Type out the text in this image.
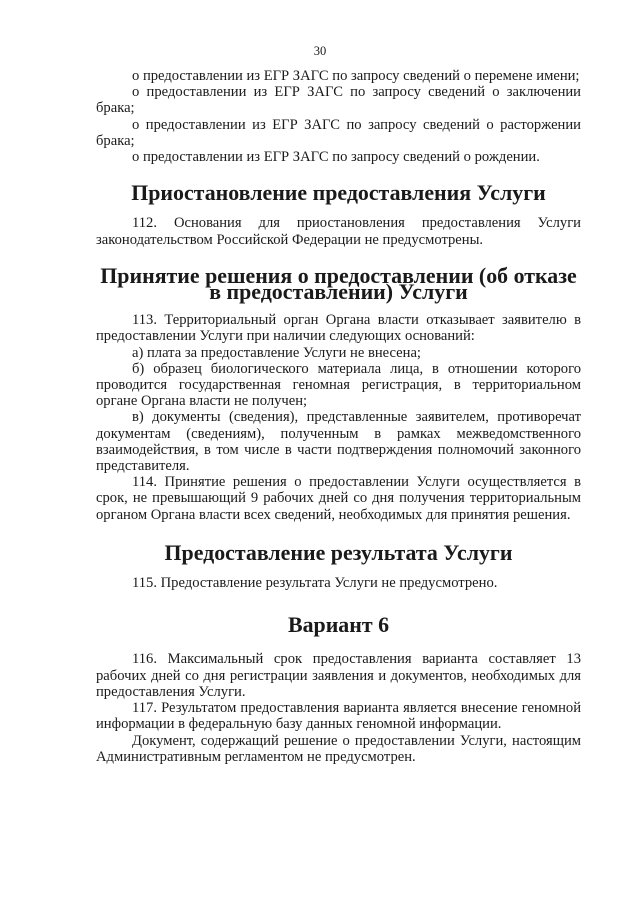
30

о предоставлении из ЕГР ЗАГС по запросу сведений о перемене имени;

о предоставлении из ЕГР ЗАГС по запросу сведений о заключении брака;

о предоставлении из ЕГР ЗАГС по запросу сведений о расторжении брака;

о предоставлении из ЕГР ЗАГС по запросу сведений о рождении.

Приостановление предоставления Услуги

112. Основания для приостановления предоставления Услуги законодательством Российской Федерации не предусмотрены.

Принятие решения о предоставлении (об отказе в предоставлении) Услуги

113. Территориальный орган Органа власти отказывает заявителю в предоставлении Услуги при наличии следующих оснований:

а) плата за предоставление Услуги не внесена;

б) образец биологического материала лица, в отношении которого проводится государственная геномная регистрация, в территориальном органе Органа власти не получен;

в) документы (сведения), представленные заявителем, противоречат документам (сведениям), полученным в рамках межведомственного взаимодействия, в том числе в части подтверждения полномочий законного представителя.

114. Принятие решения о предоставлении Услуги осуществляется в срок, не превышающий 9 рабочих дней со дня получения территориальным органом Органа власти всех сведений, необходимых для принятия решения.

Предоставление результата Услуги

115. Предоставление результата Услуги не предусмотрено.

Вариант 6

116. Максимальный срок предоставления варианта составляет 13 рабочих дней со дня регистрации заявления и документов, необходимых для предоставления Услуги.

117. Результатом предоставления варианта является внесение геномной информации в федеральную базу данных геномной информации.

Документ, содержащий решение о предоставлении Услуги, настоящим Административным регламентом не предусмотрен.
